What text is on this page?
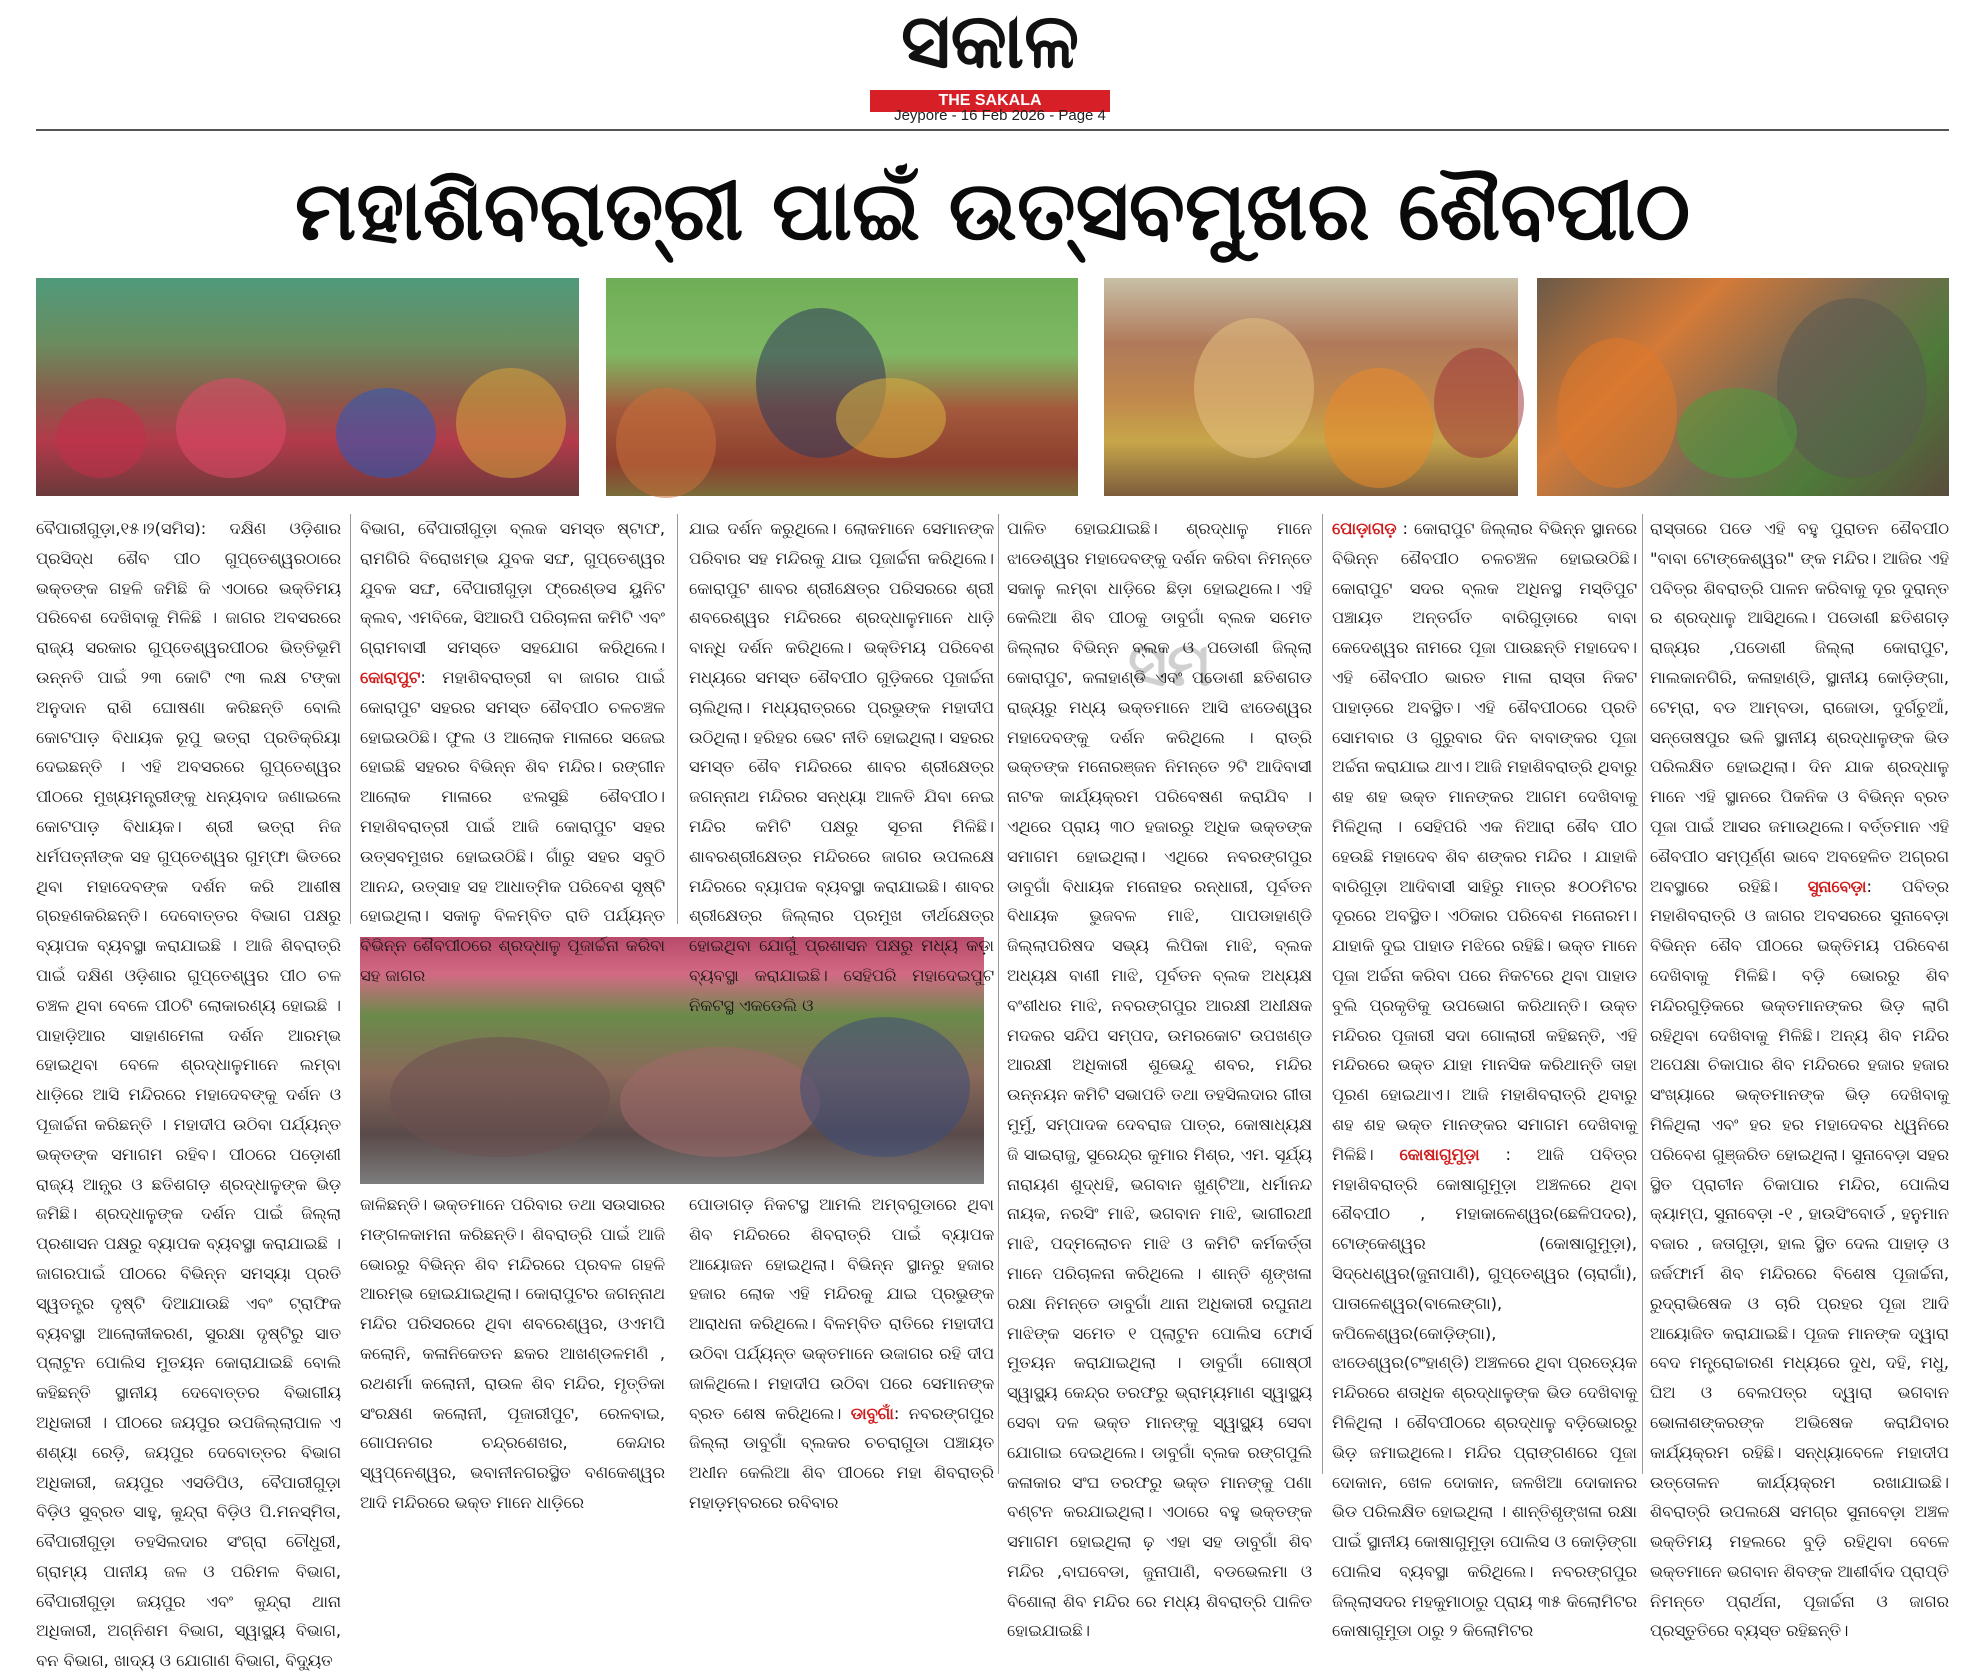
ସକାଳ
THE SAKALA
Jeypore - 16 Feb 2026 - Page 4
ମହାଶିବରାତ୍ରୀ ପାଇଁ ଉତ୍ସବମୁଖର ଶୈବପୀଠ
ସମ

ବୈପାରୀଗୁଡ଼ା,୧୫।୨(ସମିସ): ଦକ୍ଷିଣ ଓଡ଼ିଶାର ପ୍ରସିଦ୍ଧ ଶୈବ ପୀଠ ଗୁପ୍ତେଶ୍ୱରଠାରେ ଭକ୍ତଙ୍କ ଗହଳି ଜମିଛି କି ଏଠାରେ ଭକ୍ତିମୟ ପରିବେଶ ଦେଖିବାକୁ ମିଳିଛି । ଜାଗର ଅବସରରେ ରାଜ୍ୟ ସରକାର ଗୁପ୍ତେଶ୍ୱରପୀଠର ଭିତ୍ତିଭୂମି ଉନ୍ନତି ପାଇଁ ୨୩ କୋଟି ୯୩ ଲକ୍ଷ ଟଙ୍କା ଅନୁଦାନ ରାଶି ଘୋଷଣା କରିଛନ୍ତି ବୋଲି କୋଟପାଡ଼ ବିଧାୟକ ରୂପୁ ଭତ୍ରା ପ୍ରତିକ୍ରିୟା ଦେଇଛନ୍ତି । ଏହି ଅବସରରେ ଗୁପ୍ତେଶ୍ୱର ପୀଠରେ ମୁଖ୍ୟମନ୍ତ୍ରୀଙ୍କୁ ଧନ୍ୟବାଦ ଜଣାଇଲେ କୋଟପାଡ଼ ବିଧାୟକ। ଶ୍ରୀ ଭତ୍ରା ନିଜ ଧର୍ମପତ୍ନୀଙ୍କ ସହ ଗୁପ୍ତେଶ୍ୱର ଗୁମ୍ଫା ଭିତରେ ଥିବା ମହାଦେବଙ୍କ ଦର୍ଶନ କରି ଆଶୀଷ ଗ୍ରହଣକରିଛନ୍ତି। ଦେବୋତ୍ତର ବିଭାଗ ପକ୍ଷରୁ ବ୍ୟାପକ ବ୍ୟବସ୍ଥା କରାଯାଇଛି । ଆଜି ଶିବରାତ୍ରି ପାଇଁ ଦକ୍ଷିଣ ଓଡ଼ିଶାର ଗୁପ୍ତେଶ୍ୱର ପୀଠ ଚଳ ଚଞ୍ଚଳ ଥିବା ବେଳେ ପୀଠଟି ଲୋକାରଣ୍ୟ ହୋଇଛି । ପାହାଡ଼ିଆର ସାହାଣମେଳା ଦର୍ଶନ ଆରମ୍ଭ ହୋଇଥିବା ବେଳେ ଶ୍ରଦ୍ଧାଳୁମାନେ ଲମ୍ବା ଧାଡ଼ିରେ ଆସି ମନ୍ଦିରରେ ମହାଦେବଙ୍କୁ ଦର୍ଶନ ଓ ପୂଜାର୍ଚ୍ଚନା କରିଛନ୍ତି । ମହାଦୀପ ଉଠିବା ପର୍ଯ୍ୟନ୍ତ ଭକ୍ତଙ୍କ ସମାଗମ ରହିବ। ପୀଠରେ ପଡ଼ୋଶୀ ରାଜ୍ୟ ଆନ୍ଧ୍ର ଓ ଛତିଶଗଡ଼ ଶ୍ରଦ୍ଧାଳୁଙ୍କ ଭିଡ଼ ଜମିଛି। ଶ୍ରଦ୍ଧାଳୁଙ୍କ ଦର୍ଶନ ପାଇଁ ଜିଲ୍ଲା ପ୍ରଶାସନ ପକ୍ଷରୁ ବ୍ୟାପକ ବ୍ୟବସ୍ଥା କରାଯାଇଛି । ଜାଗରପାଇଁ ପୀଠରେ ବିଭିନ୍ନ ସମସ୍ୟା ପ୍ରତି ସ୍ୱତନ୍ତ୍ର ଦୃଷ୍ଟି ଦିଆଯାଉଛି ଏବଂ ଟ୍ରାଫିକ ବ୍ୟବସ୍ଥା ଆଲୋକୀକରଣ, ସୁରକ୍ଷା ଦୃଷ୍ଟିରୁ ସାତ ପ୍ଲାଟୁନ ପୋଲିସ ମୁତୟନ କୋରାଯାଇଛି ବୋଲି କହିଛନ୍ତି ସ୍ଥାନୀୟ ଦେବୋତ୍ତର ବିଭାଗୀୟ ଅଧିକାରୀ । ପୀଠରେ ଜୟପୁର ଉପଜିଲ୍ଲାପାଳ ଏ ଶଶ୍ୟା ରେଡ଼ି, ଜୟପୁର ଦେବୋତ୍ତର ବିଭାଗ ଅଧିକାରୀ, ଜୟପୁର ଏସଡିପିଓ, ବୈପାରୀଗୁଡ଼ା ବିଡ଼ିଓ ସୁବ୍ରତ ସାହୁ, କୁନ୍ଦ୍ରା ବିଡ଼ିଓ ପି.ମନସ୍ମିତା, ବୈପାରୀଗୁଡ଼ା ତହସିଲଦାର ସଂଗ୍ରା ଚୌଧୁରୀ, ଗ୍ରାମ୍ୟ ପାନୀୟ ଜଳ ଓ ପରିମଳ ବିଭାଗ, ବୈପାରୀଗୁଡ଼ା ଜୟପୁର ଏବଂ କୁନ୍ଦ୍ରା ଥାନା ଅଧିକାରୀ, ଅଗ୍ନିଶମ ବିଭାଗ, ସ୍ୱାସ୍ଥ୍ୟ ବିଭାଗ, ବନ ବିଭାଗ, ଖାଦ୍ୟ ଓ ଯୋଗାଣ ବିଭାଗ, ବିଦ୍ୟୁତ

ବିଭାଗ, ବୈପାରୀଗୁଡ଼ା ବ୍ଲକ ସମସ୍ତ ଷ୍ଟାଫ, ରାମଗିରି ବିରୋଖମ୍ଭ ଯୁବକ ସଙ୍ଘ, ଗୁପ୍ତେଶ୍ୱର ଯୁବକ ସଙ୍ଘ, ବୈପାରୀଗୁଡ଼ା ଫ୍ରେଣ୍ଡସ ୟୁନିଟ କ୍ଲବ, ଏମବିକେ, ସିଆରପି ପରିଚାଳନା କମିଟି ଏବଂ ଗ୍ରାମବାସୀ ସମସ୍ତେ ସହଯୋଗ କରିଥିଲେ। କୋରାପୁଟ: ମହାଶିବରାତ୍ରୀ ବା ଜାଗର ପାଇଁ କୋରାପୁଟ ସହରର ସମସ୍ତ ଶୈବପୀଠ ଚଳଚଞ୍ଚଳ ହୋଇଉଠିଛି। ଫୁଲ ଓ ଆଲୋକ ମାଳାରେ ସଜେଇ ହୋଇଛି ସହରର ବିଭିନ୍ନ ଶିବ ମନ୍ଦିର। ରଙ୍ଗୀନ ଆଲୋକ ମାଳାରେ ଝଲସୁଛି ଶୈବପୀଠ। ମହାଶିବରାତ୍ରୀ ପାଇଁ ଆଜି କୋରାପୁଟ ସହର ଉତ୍ସବମୁଖର ହୋଇଉଠିଛି। ଗାଁରୁ ସହର ସବୁଠି ଆନନ୍ଦ, ଉତ୍ସାହ ସହ ଆଧାତ୍ମିକ ପରିବେଶ ସୃଷ୍ଟି ହୋଇଥିଲା। ସକାଳୁ ବିଳମ୍ବିତ ରାତି ପର୍ଯ୍ୟନ୍ତ ବିଭିନ୍ନ ଶୈବପୀଠରେ ଶ୍ରଦ୍ଧାଳୁ ପୂଜାର୍ଚ୍ଚନା କରିବା ସହ ଜାଗର

ଯାଇ ଦର୍ଶନ କରୁଥିଲେ। ଲୋକମାନେ ସେମାନଙ୍କ ପରିବାର ସହ ମନ୍ଦିରକୁ ଯାଇ ପୂଜାର୍ଚ୍ଚନା କରିଥିଲେ। କୋରାପୁଟ ଶାବର ଶ୍ରୀକ୍ଷେତ୍ର ପରିସରରେ ଶ୍ରୀ ଶବରେଶ୍ୱର ମନ୍ଦିରରେ ଶ୍ରଦ୍ଧାଳୁମାନେ ଧାଡ଼ି ବାନ୍ଧି ଦର୍ଶନ କରିଥିଲେ। ଭକ୍ତିମୟ ପରିବେଶ ମଧ୍ୟରେ ସମସ୍ତ ଶୈବପୀଠ ଗୁଡ଼ିକରେ ପୂଜାର୍ଚ୍ଚନା ଚାଲିଥିଲା। ମଧ୍ୟରାତ୍ରରେ ପ୍ରଭୁଙ୍କ ମହାଦୀପ ଉଠିଥିଲା। ହରିହର ଭେଟ ନୀତି ହୋଇଥିଲା। ସହରର ସମସ୍ତ ଶୈବ ମନ୍ଦିରରେ ଶାବର ଶ୍ରୀକ୍ଷେତ୍ର ଜଗନ୍ନାଥ ମନ୍ଦିରର ସନ୍ଧ୍ୟା ଆଳତି ଯିବା ନେଇ ମନ୍ଦିର କମିଟି ପକ୍ଷରୁ ସୂଚନା ମିଳିଛି। ଶାବରଶ୍ରୀକ୍ଷେତ୍ର ମନ୍ଦିରରେ ଜାଗର ଉପଲକ୍ଷେ ମନ୍ଦିରରେ ବ୍ୟାପକ ବ୍ୟବସ୍ଥା କରାଯାଇଛି। ଶାବର ଶ୍ରୀକ୍ଷେତ୍ର ଜିଲ୍ଲାର ପ୍ରମୁଖ ତୀର୍ଥକ୍ଷେତ୍ର ହୋଇଥିବା ଯୋଗୁଁ ପ୍ରଶାସନ ପକ୍ଷରୁ ମଧ୍ୟ କଡ଼ା ବ୍ୟବସ୍ଥା କରାଯାଇଛି। ସେହିପରି ମହାଦେଇପୁଟ ନିକଟସ୍ଥ ଏକଡେଲି ଓ

ଜାଳିଛନ୍ତି। ଭକ୍ତମାନେ ପରିବାର ତଥା ସଉସାରର ମଙ୍ଗଳକାମନା କରିଛନ୍ତି। ଶିବରାତ୍ରି ପାଇଁ ଆଜି ଭୋରରୁ ବିଭିନ୍ନ ଶିବ ମନ୍ଦିରରେ ପ୍ରବଳ ଗହଳି ଆରମ୍ଭ ହୋଇଯାଇଥିଲା। କୋରାପୁଟର ଜଗନ୍ନାଥ ମନ୍ଦିର ପରିସରରେ ଥିବା ଶବରେଶ୍ୱର, ଓଏମପି କଲୋନି, କଳାନିକେତନ ଛକର ଆଖଣ୍ଡଳମଣି , ରଥଶର୍ମା କଲୋନୀ, ରାଉଳ ଶିବ ମନ୍ଦିର, ମୃତ୍ତିକା ସଂରକ୍ଷଣ କଲୋନୀ, ପୂଜାରୀପୁଟ, ରେଳବାଇ, ଗୋପନଗର ଚନ୍ଦ୍ରଶେଖର, କେନ୍ଦାର ସ୍ୱପ୍ନେଶ୍ୱର, ଭବାନୀନଗରସ୍ଥିତ ବଣକେଶ୍ୱର ଆଦି ମନ୍ଦିରରେ ଭକ୍ତ ମାନେ ଧାଡ଼ିରେ

ପୋଡାଗଡ଼ ନିକଟସ୍ଥ ଆମଲି ଅମ୍ବଗୁଡାରେ ଥିବା ଶିବ ମନ୍ଦିରରେ ଶିବରାତ୍ରି ପାଇଁ ବ୍ୟାପକ ଆୟୋଜନ ହୋଇଥିଲା। ବିଭିନ୍ନ ସ୍ଥାନରୁ ହଜାର ହଜାର ଲୋକ ଏହି ମନ୍ଦିରକୁ ଯାଇ ପ୍ରଭୁଙ୍କ ଆରାଧନା କରିଥିଲେ। ବିଳମ୍ବିତ ରାତିରେ ମହାଦୀପ ଉଠିବା ପର୍ଯ୍ୟନ୍ତ ଭକ୍ତମାନେ ଉଜାଗର ରହି ଦୀପ ଜାଳିଥିଲେ। ମହାଦୀପ ଉଠିବା ପରେ ସେମାନଙ୍କ ବ୍ରତ ଶେଷ କରିଥିଲେ। ଡାବୁଗାଁ: ନବରଙ୍ଗପୁର ଜିଲ୍ଲା ଡାବୁଗାଁ ବ୍ଲକର ଚଚରାଗୁଡା ପଞ୍ଚାୟତ ଅଧୀନ କେଲିଆ ଶିବ ପୀଠରେ ମହା ଶିବରାତ୍ରି ମହାଡ଼ମ୍ବରରେ ରବିବାର

ପାଳିତ ହୋଇଯାଇଛି। ଶ୍ରଦ୍ଧାଳୁ ମାନେ ଝାଡେଶ୍ୱର ମହାଦେବଙ୍କୁ ଦର୍ଶନ କରିବା ନିମନ୍ତେ ସକାଳୁ ଲମ୍ବା ଧାଡ଼ିରେ ଛିଡ଼ା ହୋଇଥିଲେ। ଏହି କେଲିଆ ଶିବ ପୀଠକୁ ଡାବୁଗାଁ ବ୍ଲକ ସମେତ ଜିଲ୍ଲାର ବିଭିନ୍ନ ବ୍ଲକ ଓ ପଡୋଶୀ ଜିଲ୍ଲା କୋରାପୁଟ, କଳାହାଣ୍ଡି ଏବଂ ପଡୋଶୀ ଛତିଶଗଡ ରାଜ୍ୟରୁ ମଧ୍ୟ ଭକ୍ତମାନେ ଆସି ଝାଡେଶ୍ୱର ମହାଦେବଙ୍କୁ ଦର୍ଶନ କରିଥିଲେ । ରାତ୍ରି ଭକ୍ତଙ୍କ ମନୋରଞ୍ଜନ ନିମନ୍ତେ ୨ଟି ଆଦିବାସୀ ନାଟକ କାର୍ଯ୍ୟକ୍ରମ ପରିବେଷଣ କରାଯିବ । ଏଥିରେ ପ୍ରାୟ ୩୦ ହଜାରରୁ ଅଧିକ ଭକ୍ତଙ୍କ ସମାଗମ ହୋଇଥିଲା। ଏଥିରେ ନବରଙ୍ଗପୁର ଡାବୁଗାଁ ବିଧାୟକ ମନୋହର ରନ୍ଧାରୀ, ପୂର୍ବତନ ବିଧାୟକ ଭୁଜବଳ ମାଝି, ପାପଡାହାଣ୍ଡି ଜିଲ୍ଲାପରିଷଦ ସଭ୍ୟ ଲିପିକା ମାଝି, ବ୍ଲକ ଅଧ୍ୟକ୍ଷ ବାଣୀ ମାଝି, ପୂର୍ବତନ ବ୍ଲକ ଅଧ୍ୟକ୍ଷ ବଂଶୀଧର ମାଝି, ନବରଙ୍ଗପୁର ଆରକ୍ଷୀ ଅଧୀକ୍ଷକ ମଦକର ସନ୍ଦିପ ସମ୍ପଦ, ଉମରକୋଟ ଉପଖଣ୍ଡ ଆରକ୍ଷୀ ଅଧିକାରୀ ଶୁଭେନ୍ଦୁ ଶବର, ମନ୍ଦିର ଉନ୍ନୟନ କମିଟି ସଭାପତି ତଥା ତହସିଲଦାର ଗୀତା ମୁର୍ମୁ, ସମ୍ପାଦକ ଦେବରାଜ ପାତ୍ର, କୋଷାଧ୍ୟକ୍ଷ ଜି ସାଇରାଜୁ, ସୁରେନ୍ଦ୍ର କୁମାର ମିଶ୍ର, ଏମ. ସୂର୍ଯ୍ୟ ନାରାୟଣ ଶୁଦ୍ଧହି, ଭଗବାନ ଖୁଣ୍ଟିଆ, ଧର୍ମାନନ୍ଦ ନାୟକ, ନରସିଂ ମାଝି, ଭଗବାନ ମାଝି, ଭାଗୀରଥୀ ମାଝି, ପଦ୍ମଲୋଚନ ମାଝି ଓ କମିଟି କର୍ମକର୍ତ୍ତା ମାନେ ପରିଚାଳନା କରିଥିଲେ । ଶାନ୍ତି ଶୃଙ୍ଖଳା ରକ୍ଷା ନିମନ୍ତେ ଡାବୁଗାଁ ଥାନା ଅଧିକାରୀ ରଘୁନାଥ ମାଝିଙ୍କ ସମେତ ୧ ପ୍ଲାଟୁନ ପୋଲିସ ଫୋର୍ସ ମୁତୟନ କରାଯାଇଥିଲା । ଡାବୁଗାଁ ଗୋଷ୍ଠୀ ସ୍ୱାସ୍ଥ୍ୟ କେନ୍ଦ୍ର ତରଫରୁ ଭ୍ରାମ୍ୟମାଣ ସ୍ୱାସ୍ଥ୍ୟ ସେବା ଦଳ ଭକ୍ତ ମାନଙ୍କୁ ସ୍ୱାସ୍ଥ୍ୟ ସେବା ଯୋଗାଇ ଦେଇଥିଲେ। ଡାବୁଗାଁ ବ୍ଲକ ରଙ୍ଗପୁଲି କଳାକାର ସଂଘ ତରଫରୁ ଭକ୍ତ ମାନଙ୍କୁ ପଣା ବଣ୍ଟନ କରଯାଇଥିଲା। ଏଠାରେ ବହୁ ଭକ୍ତଙ୍କ ସମାଗମ ହୋଇଥିଲା ଢ଼ ଏହା ସହ ଡାବୁଗାଁ ଶିବ ମନ୍ଦିର ,ବାଘବେଡା, ଜୁନାପାଣି, ବଡଭେଲମା ଓ ବିଶୋଲା ଶିବ ମନ୍ଦିର ରେ ମଧ୍ୟ ଶିବରାତ୍ରି ପାଳିତ ହୋଇଯାଇଛି।

ପୋଡ଼ାଗଡ଼ : କୋରାପୁଟ ଜିଲ୍ଲାର ବିଭିନ୍ନ ସ୍ଥାନରେ ବିଭିନ୍ନ ଶୈବପୀଠ ଚଳଚଞ୍ଚଳ ହୋଇଉଠିଛି। କୋରାପୁଟ ସଦର ବ୍ଲକ ଅଧିନସ୍ଥ ମସ୍ତିପୁଟ ପଞ୍ଚାୟତ ଅନ୍ତର୍ଗତ ବାରିଗୁଡ଼ାରେ ବାବା କେଦେଶ୍ୱର ନାମରେ ପୂଜା ପାଉଛନ୍ତି ମହାଦେବ। ଏହି ଶୈବପୀଠ ଭାରତ ମାଳା ରାସ୍ତା ନିକଟ ପାହାଡ଼ରେ ଅବସ୍ଥିତ। ଏହି ଶୈବପୀଠରେ ପ୍ରତି ସୋମବାର ଓ ଗୁରୁବାର ଦିନ ବାବାଙ୍କର ପୂଜା ଅର୍ଚ୍ଚନା କରାଯାଇ ଥାଏ। ଆଜି ମହାଶିବରାତ୍ରି ଥିବାରୁ ଶହ ଶହ ଭକ୍ତ ମାନଙ୍କର ଆଗମ ଦେଖିବାକୁ ମିଳିଥିଲା । ସେହିପରି ଏକ ନିଆରା ଶୈବ ପୀଠ ହେଉଛି ମହାଦେବ ଶିବ ଶଙ୍କର ମନ୍ଦିର । ଯାହାକି ବାରିଗୁଡ଼ା ଆଦିବାସୀ ସାହିରୁ ମାତ୍ର ୫୦୦ମିଟର ଦୂରରେ ଅବସ୍ଥିତ। ଏଠିକାର ପରିବେଶ ମନୋରମ। ଯାହାକି ଦୁଇ ପାହାଡ ମଝିରେ ରହିଛି। ଭକ୍ତ ମାନେ ପୂଜା ଅର୍ଚ୍ଚନା କରିବା ପରେ ନିକଟରେ ଥିବା ପାହାଡ ବୁଲି ପ୍ରକୃତିକୁ ଉପଭୋଗ କରିଥାନ୍ତି। ଉକ୍ତ ମନ୍ଦିରର ପୂଜାରୀ ସଦା ଗୋଲାରୀ କହିଛନ୍ତି, ଏହି ମନ୍ଦିରରେ ଭକ୍ତ ଯାହା ମାନସିକ କରିଥାନ୍ତି ତାହା ପୂରଣ ହୋଇଥାଏ। ଆଜି ମହାଶିବରାତ୍ରି ଥିବାରୁ ଶହ ଶହ ଭକ୍ତ ମାନଙ୍କର ସମାଗମ ଦେଖିବାକୁ ମିଳିଛି। କୋଷାଗୁମୁଡ଼ା : ଆଜି ପବିତ୍ର ମହାଶିବରାତ୍ରି କୋଷାଗୁମୁଡ଼ା ଅଞ୍ଚଳରେ ଥିବା ଶୈବପୀଠ , ମହାକାଳେଶ୍ୱର(ଛେଳିପଦର), ଟୋଙ୍କେଶ୍ୱର (କୋଷାଗୁମୁଡ଼ା), ସିଦ୍ଧେଶ୍ୱର(ଜୁନାପାଣି), ଗୁପ୍ତେଶ୍ୱର (ଚାରାଗାଁ), ପାତାଳେଶ୍ୱର(ବାଲେଙ୍ଗା), କପିଳେଶ୍ୱର(କୋଡ଼ିଙ୍ଗା), ଝାଡେଶ୍ୱର(ଟଂହାଣ୍ଡି) ଅଞ୍ଚଳରେ ଥିବା ପ୍ରତ୍ୟେକ ମନ୍ଦିରରେ ଶତାଧିକ ଶ୍ରଦ୍ଧାଳୁଙ୍କ ଭିଡ ଦେଖିବାକୁ ମିଳିଥିଲା । ଶୈବପୀଠରେ ଶ୍ରଦ୍ଧାଳୁ ବଡ଼ିଭୋରରୁ ଭିଡ଼ ଜମାଇଥିଲେ। ମନ୍ଦିର ପ୍ରାଙ୍ଗଣରେ ପୂଜା ଦୋକାନ, ଖେଳ ଦୋକାନ, ଜଳଖିଆ ଦୋକାନର ଭିଡ ପରିଲକ୍ଷିତ ହୋଇଥିଲା । ଶାନ୍ତିଶୃଙ୍ଖଳା ରକ୍ଷା ପାଇଁ ସ୍ଥାନୀୟ କୋଷାଗୁମୁଡ଼ା ପୋଲିସ ଓ କୋଡ଼ିଙ୍ଗା ପୋଲିସ ବ୍ୟବସ୍ଥା କରିଥିଲେ। ନବରଙ୍ଗପୁର ଜିଲ୍ଲାସଦର ମହକୁମାଠାରୁ ପ୍ରାୟ ୩୫ କିଲୋମିଟର କୋଷାଗୁମୁଡା ଠାରୁ ୨ କିଲୋମିଟର

ରାସ୍ତାରେ ପଡେ ଏହି ବହୁ ପୁରାତନ ଶୈବପୀଠ "ବାବା ଟୋଙ୍କେଶ୍ୱର" ଙ୍କ ମନ୍ଦିର। ଆଜିର ଏହି ପବିତ୍ର ଶିବରାତ୍ରି ପାଳନ କରିବାକୁ ଦୂର ଦୁରାନ୍ତ ର ଶ୍ରଦ୍ଧାଳୁ ଆସିଥିଲେ। ପଡୋଶୀ ଛତିଶଗଡ଼ ରାଜ୍ୟର ,ପଡୋଶୀ ଜିଲ୍ଲା କୋରାପୁଟ, ମାଲକାନଗିରି, କଳାହାଣ୍ଡି, ସ୍ଥାନୀୟ କୋଡ଼ିଙ୍ଗା, ଟେମ୍ରା, ବଡ ଆମ୍ବଡା, ରାଜୋଡା, ଦୁର୍ଗଚୁଆଁ, ସନ୍ତୋଷପୁର ଭଳି ସ୍ଥାନୀୟ ଶ୍ରଦ୍ଧାଳୁଙ୍କ ଭିଡ ପରିଲକ୍ଷିତ ହୋଇଥିଲା। ଦିନ ଯାକ ଶ୍ରଦ୍ଧାଳୁ ମାନେ ଏହି ସ୍ଥାନରେ ପିକନିକ ଓ ବିଭିନ୍ନ ବ୍ରତ ପୂଜା ପାଇଁ ଆସର ଜମାଉଥିଲେ। ବର୍ତ୍ତମାନ ଏହି ଶୈବପୀଠ ସମ୍ପୂର୍ଣ୍ଣ ଭାବେ ଅବହେଳିତ ଅଗ୍ରଗ ଅବସ୍ଥାରେ ରହିଛି। ସୁନାବେଡ଼ା: ପବିତ୍ର ମହାଶିବରାତ୍ରି ଓ ଜାଗର ଅବସରରେ ସୁନାବେଡ଼ା ବିଭିନ୍ନ ଶୈବ ପୀଠରେ ଭକ୍ତିମୟ ପରିବେଶ ଦେଖିବାକୁ ମିଳିଛି। ବଡ଼ି ଭୋରରୁ ଶିବ ମନ୍ଦିରଗୁଡ଼ିକରେ ଭକ୍ତମାନଙ୍କର ଭିଡ଼ ଲାଗି ରହିଥିବା ଦେଖିବାକୁ ମିଳିଛି। ଅନ୍ୟ ଶିବ ମନ୍ଦିର ଅପେକ୍ଷା ଚିକାପାର ଶିବ ମନ୍ଦିରରେ ହଜାର ହଜାର ସଂଖ୍ୟାରେ ଭକ୍ତମାନଙ୍କ ଭିଡ଼ ଦେଖିବାକୁ ମିଳିଥିଲା ଏବଂ ହର ହର ମହାଦେବର ଧ୍ୱନିରେ ପରିବେଶ ଗୁଞ୍ଜରିତ ହୋଇଥିଲା। ସୁନାବେଡ଼ା ସହର ସ୍ଥିତ ପ୍ରାଚୀନ ଚିକାପାର ମନ୍ଦିର, ପୋଲିସ କ୍ୟାମ୍ପ, ସୁନାବେଡ଼ା -୧ , ହାଉସିଂବୋର୍ଡ , ହନୁମାନ ବଜାର , ଜତାଗୁଡ଼ା, ହାଲ ସ୍ଥିତ ଦେଲ ପାହାଡ଼ ଓ ଜର୍ଜଫାର୍ମ ଶିବ ମନ୍ଦିରରେ ବିଶେଷ ପୂଜାର୍ଚ୍ଚନା, ରୁଦ୍ରାଭିଷେକ ଓ ଚାରି ପ୍ରହର ପୂଜା ଆଦି ଆୟୋଜିତ କରାଯାଇଛି। ପୂଜକ ମାନଙ୍କ ଦ୍ୱାରା ବେଦ ମନ୍ତ୍ରୋଚ୍ଚାରଣ ମଧ୍ୟରେ ଦୁଧ, ଦହି, ମଧୁ, ଘିଅ ଓ ବେଲପତ୍ର ଦ୍ୱାରା ଭଗବାନ ଭୋଳାଶଙ୍କରଙ୍କ ଅଭିଷେକ କରାଯିବାର କାର୍ଯ୍ୟକ୍ରମ ରହିଛି। ସନ୍ଧ୍ୟାବେଳେ ମହାଦୀପ ଉତ୍ତୋଳନ କାର୍ଯ୍ୟକ୍ରମ ରଖାଯାଇଛି। ଶିବରାତ୍ରି ଉପଲକ୍ଷେ ସମଗ୍ର ସୁନାବେଡ଼ା ଅଞ୍ଚଳ ଭକ୍ତିମୟ ମହଲରେ ବୁଡ଼ି ରହିଥିବା ବେଳେ ଭକ୍ତମାନେ ଭଗବାନ ଶିବଙ୍କ ଆଶୀର୍ବାଦ ପ୍ରାପ୍ତି ନିମନ୍ତେ ପ୍ରାର୍ଥନା, ପୂଜାର୍ଚ୍ଚନା ଓ ଜାଗର ପ୍ରସ୍ତୁତିରେ ବ୍ୟସ୍ତ ରହିଛନ୍ତି।
